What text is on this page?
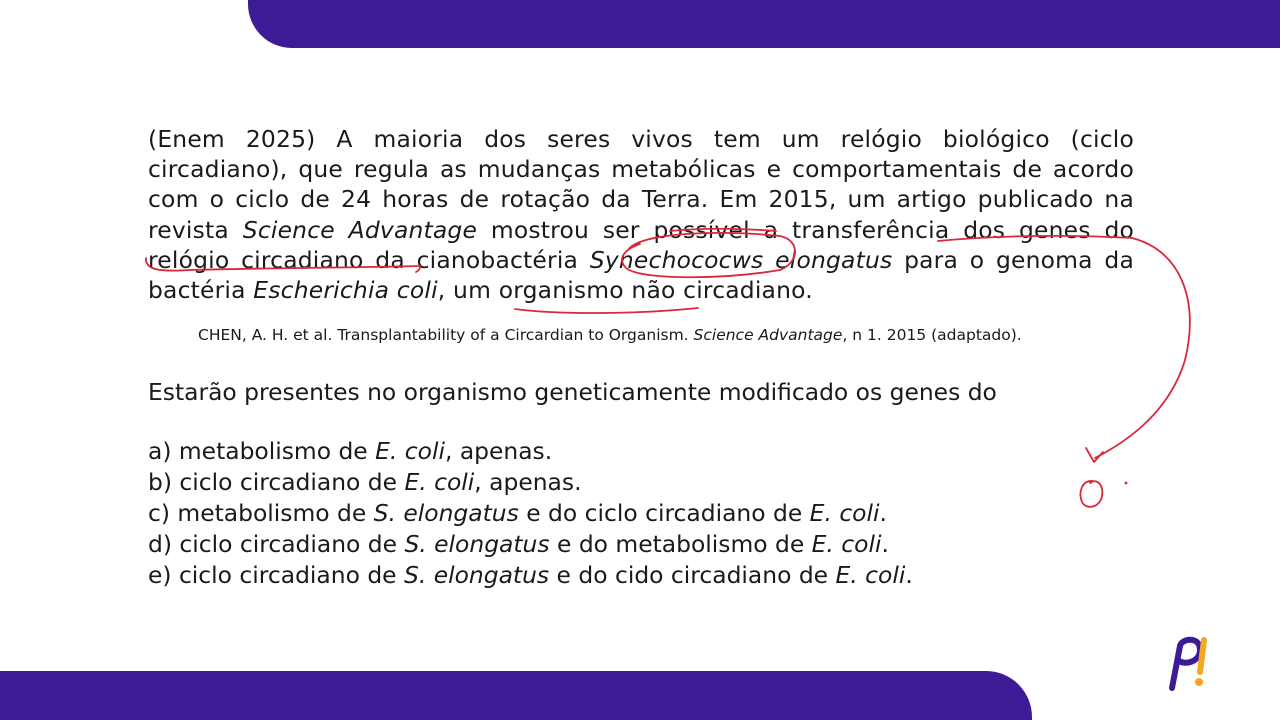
(Enem 2025) A maioria dos seres vivos tem um relógio biológico (ciclo circadiano), que regula as mudanças metabólicas e comportamentais de acordo com o ciclo de 24 horas de rotação da Terra. Em 2015, um artigo publicado na revista Science Advantage mostrou ser possível a transferência dos genes do relógio circadiano da cianobactéria Synechococws elongatus para o genoma da bactéria Escherichia coli, um organismo não circadiano.

CHEN, A. H. et al. Transplantability of a Circardian to Organism. Science Advantage, n 1. 2015 (adaptado).

Estarão presentes no organismo geneticamente modificado os genes do

a) metabolismo de E. coli, apenas.
b) ciclo circadiano de E. coli, apenas.
c) metabolismo de S. elongatus e do ciclo circadiano de E. coli.
d) ciclo circadiano de S. elongatus e do metabolismo de E. coli.
e) ciclo circadiano de S. elongatus e do cido circadiano de E. coli.
